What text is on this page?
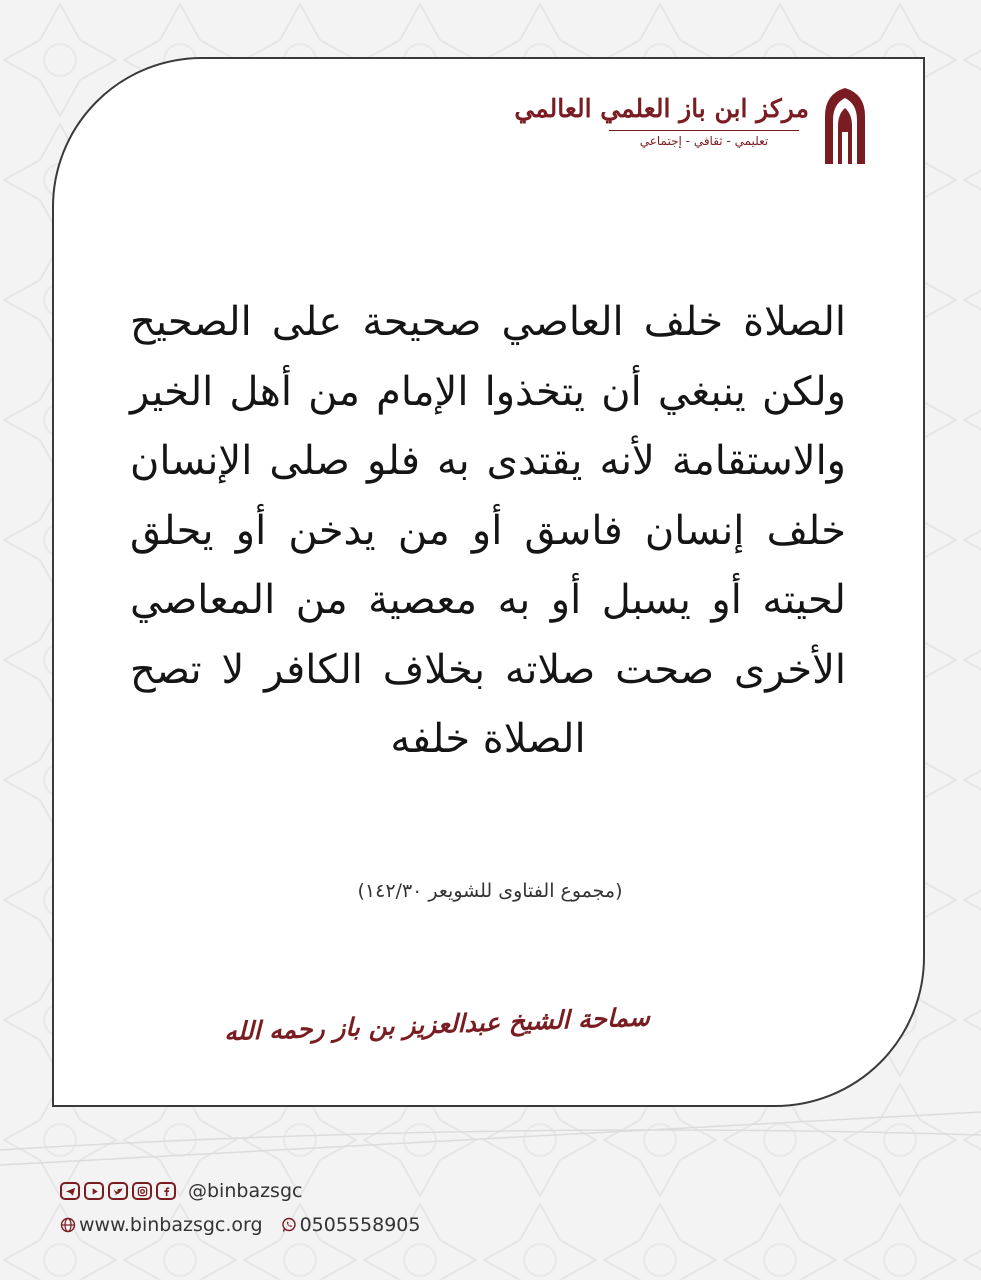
مركز ابن باز العلمي العالمي
تعليمي - ثقافي - إجتماعي
الصلاة خلف العاصي صحيحة على الصحيح ولكن ينبغي أن يتخذوا الإمام من أهل الخير والاستقامة لأنه يقتدى به فلو صلى الإنسان خلف إنسان فاسق أو من يدخن أو يحلق لحيته أو يسبل أو به معصية من المعاصي الأخرى صحت صلاته بخلاف الكافر لا تصح الصلاة خلفه
(مجموع الفتاوى للشويعر ١٤٢/٣٠)
سماحة الشيخ عبدالعزيز بن باز رحمه الله
@binbazsgc
www.binbazsgc.org 0505558905
